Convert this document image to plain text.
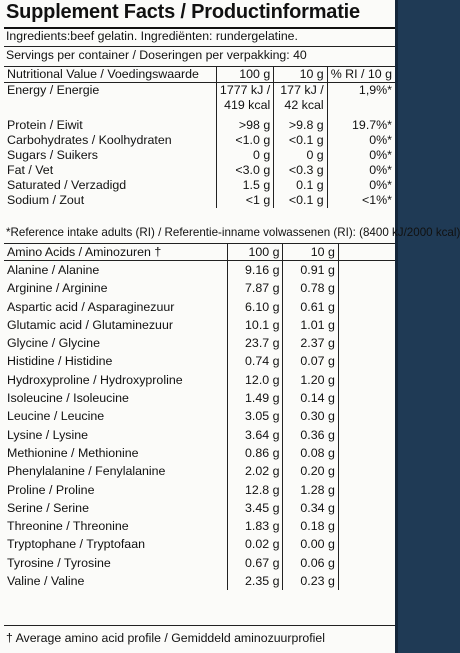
Supplement Facts / Productinformatie
Ingredients:beef gelatin. Ingrediënten: rundergelatine.
Servings per container / Doseringen per verpakking: 40
Nutritional Value / Voedingswaarde	100 g	10 g	% RI / 10 g
Energy / Energie	1777 kJ /	177 kJ /	1,9%*
	419 kcal	42 kcal	
Protein / Eiwit	>98 g	>9.8 g	19.7%*
Carbohydrates / Koolhydraten	<1.0 g	<0.1 g	0%*
Sugars / Suikers	0 g	0 g	0%*
Fat / Vet	<3.0 g	<0.3 g	0%*
Saturated / Verzadigd	1.5 g	0.1 g	0%*
Sodium / Zout	<1 g	<0.1 g	<1%*
*Reference intake adults (RI) / Referentie-inname volwassenen (RI): (8400 kJ/2000 kcal)
Amino Acids / Aminozuren †	100 g	10 g	
Alanine / Alanine	9.16 g	0.91 g	
Arginine / Arginine	7.87 g	0.78 g	
Aspartic acid / Asparaginezuur	6.10 g	0.61 g	
Glutamic acid / Glutaminezuur	10.1 g	1.01 g	
Glycine / Glycine	23.7 g	2.37 g	
Histidine / Histidine	0.74 g	0.07 g	
Hydroxyproline / Hydroxyproline	12.0 g	1.20 g	
Isoleucine / Isoleucine	1.49 g	0.14 g	
Leucine / Leucine	3.05 g	0.30 g	
Lysine / Lysine	3.64 g	0.36 g	
Methionine / Methionine	0.86 g	0.08 g	
Phenylalanine / Fenylalanine	2.02 g	0.20 g	
Proline / Proline	12.8 g	1.28 g	
Serine / Serine	3.45 g	0.34 g	
Threonine / Threonine	1.83 g	0.18 g	
Tryptophane / Tryptofaan	0.02 g	0.00 g	
Tyrosine / Tyrosine	0.67 g	0.06 g	
Valine / Valine	2.35 g	0.23 g	
† Average amino acid profile / Gemiddeld aminozuurprofiel
